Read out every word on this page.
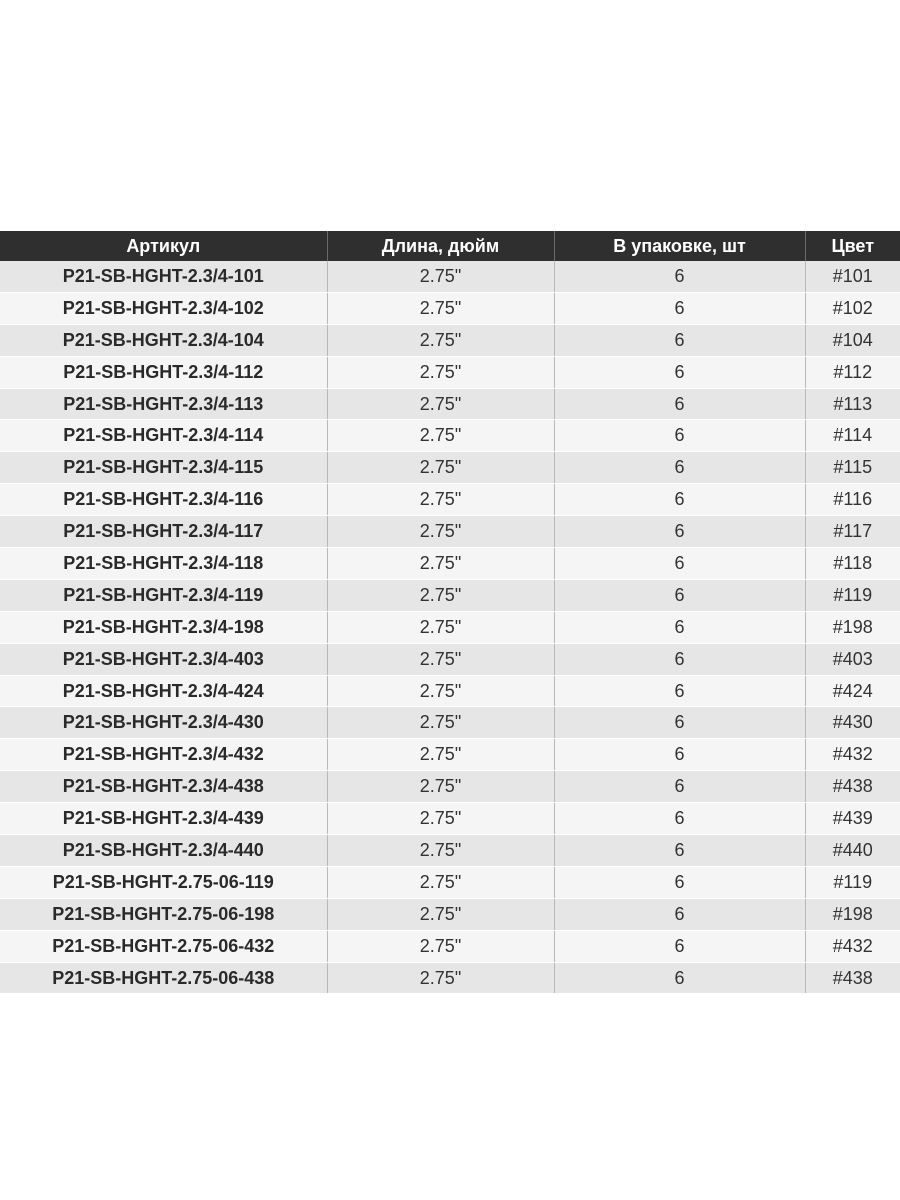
Артикул	Длина, дюйм	В упаковке, шт	Цвет
P21-SB-HGHT-2.3/4-101	2.75"	6	#101
P21-SB-HGHT-2.3/4-102	2.75"	6	#102
P21-SB-HGHT-2.3/4-104	2.75"	6	#104
P21-SB-HGHT-2.3/4-112	2.75"	6	#112
P21-SB-HGHT-2.3/4-113	2.75"	6	#113
P21-SB-HGHT-2.3/4-114	2.75"	6	#114
P21-SB-HGHT-2.3/4-115	2.75"	6	#115
P21-SB-HGHT-2.3/4-116	2.75"	6	#116
P21-SB-HGHT-2.3/4-117	2.75"	6	#117
P21-SB-HGHT-2.3/4-118	2.75"	6	#118
P21-SB-HGHT-2.3/4-119	2.75"	6	#119
P21-SB-HGHT-2.3/4-198	2.75"	6	#198
P21-SB-HGHT-2.3/4-403	2.75"	6	#403
P21-SB-HGHT-2.3/4-424	2.75"	6	#424
P21-SB-HGHT-2.3/4-430	2.75"	6	#430
P21-SB-HGHT-2.3/4-432	2.75"	6	#432
P21-SB-HGHT-2.3/4-438	2.75"	6	#438
P21-SB-HGHT-2.3/4-439	2.75"	6	#439
P21-SB-HGHT-2.3/4-440	2.75"	6	#440
P21-SB-HGHT-2.75-06-119	2.75"	6	#119
P21-SB-HGHT-2.75-06-198	2.75"	6	#198
P21-SB-HGHT-2.75-06-432	2.75"	6	#432
P21-SB-HGHT-2.75-06-438	2.75"	6	#438
